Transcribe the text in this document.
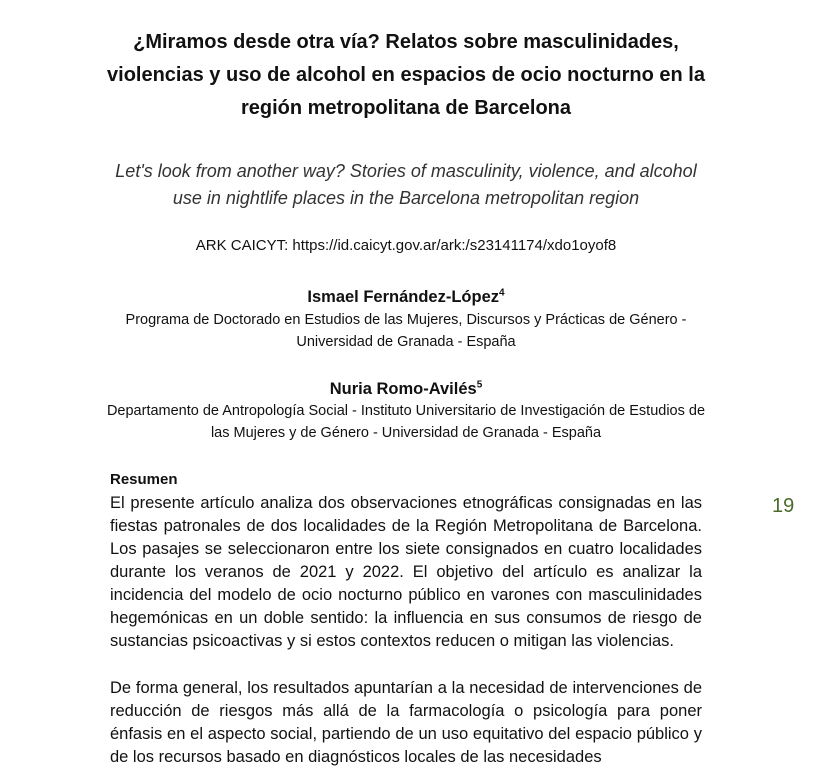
¿Miramos desde otra vía? Relatos sobre masculinidades, violencias y uso de alcohol en espacios de ocio nocturno en la región metropolitana de Barcelona

Let's look from another way? Stories of masculinity, violence, and alcohol use in nightlife places in the Barcelona metropolitan region

ARK CAICYT: https://id.caicyt.gov.ar/ark:/s23141174/xdo1oyof8

Ismael Fernández-López$^4$

Programa de Doctorado en Estudios de las Mujeres, Discursos y Prácticas de Género - Universidad de Granada - España

Nuria Romo-Avilés$^5$

Departamento de Antropología Social - Instituto Universitario de Investigación de Estudios de las Mujeres y de Género - Universidad de Granada - España

Resumen

El presente artículo analiza dos observaciones etnográficas consignadas en las fiestas patronales de dos localidades de la Región Metropolitana de Barcelona. Los pasajes se seleccionaron entre los siete consignados en cuatro localidades durante los veranos de 2021 y 2022. El objetivo del artículo es analizar la incidencia del modelo de ocio nocturno público en varones con masculinidades hegemónicas en un doble sentido: la influencia en sus consumos de riesgo de sustancias psicoactivas y si estos contextos reducen o mitigan las violencias.

De forma general, los resultados apuntarían a la necesidad de intervenciones de reducción de riesgos más allá de la farmacología o psicología para poner énfasis en el aspecto social, partiendo de un uso equitativo del espacio público y de los recursos basado en diagnósticos locales de las necesidades

19
